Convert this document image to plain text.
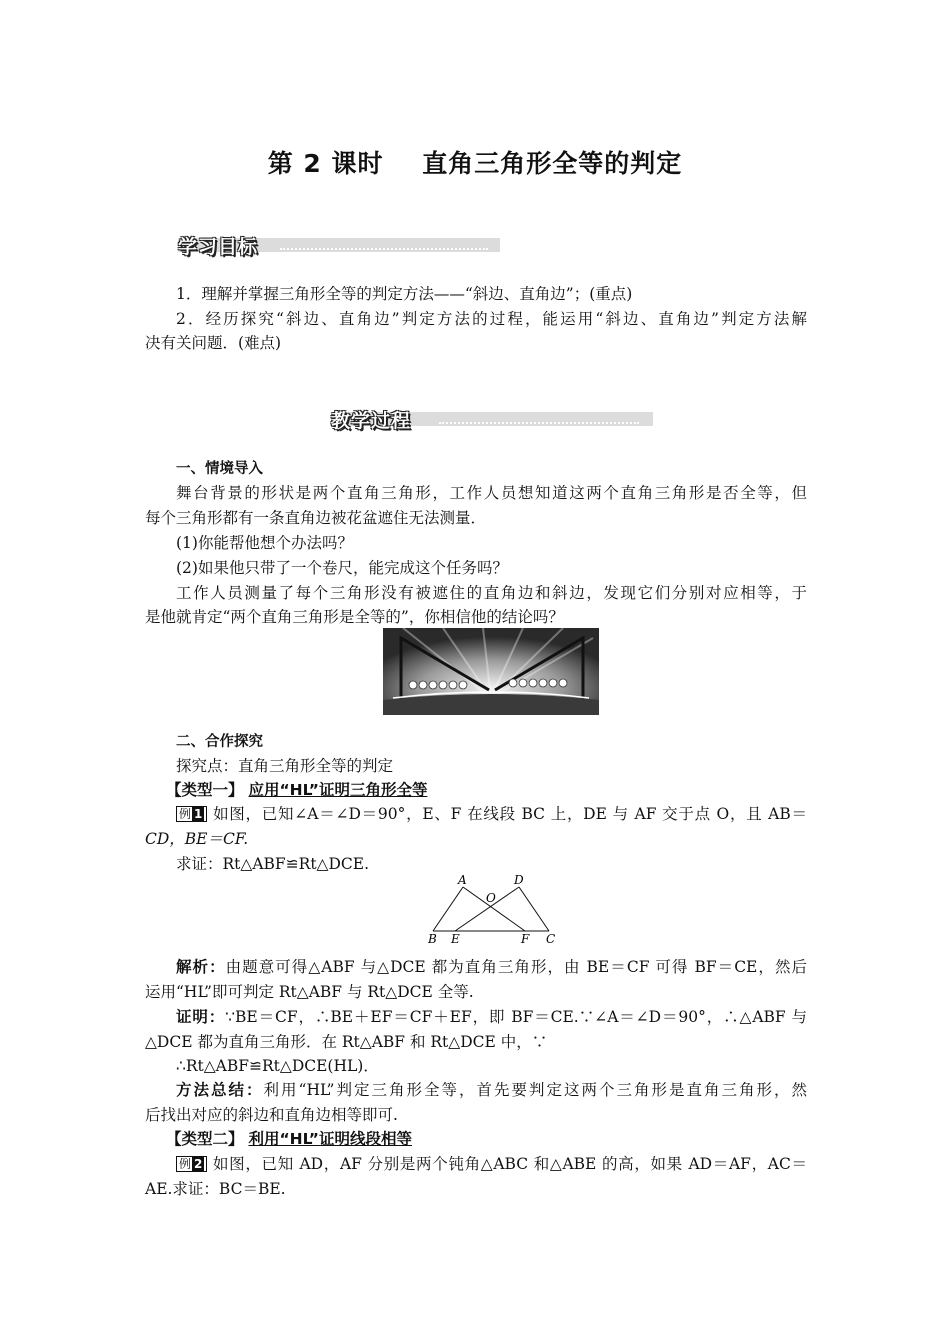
第 2 课时    直角三角形全等的判定
学习目标
1．理解并掌握三角形全等的判定方法——“斜边、直角边”；(重点)
2．经历探究“斜边、直角边”判定方法的过程，能运用“斜边、直角边”判定方法解
决有关问题．(难点)
教学过程
一、情境导入
舞台背景的形状是两个直角三角形，工作人员想知道这两个直角三角形是否全等，但
每个三角形都有一条直角边被花盆遮住无法测量．
(1)你能帮他想个办法吗？
(2)如果他只带了一个卷尺，能完成这个任务吗？
工作人员测量了每个三角形没有被遮住的直角边和斜边，发现它们分别对应相等，于
是他就肯定“两个直角三角形是全等的”，你相信他的结论吗？
二、合作探究
探究点：直角三角形全等的判定
【类型一】 应用“HL”证明三角形全等
例 1 如图，已知∠A＝∠D＝90°，E、F 在线段 BC 上，DE 与 AF 交于点 O，且 AB＝
CD，BE＝CF.
求证：Rt△ABF≌Rt△DCE.
A	D
O
B E	F C
解析：由题意可得△ABF 与△DCE 都为直角三角形，由 BE＝CF 可得 BF＝CE，然后
运用“HL”即可判定 Rt△ABF 与 Rt△DCE 全等.
证明：∵BE＝CF，∴BE＋EF＝CF＋EF，即 BF＝CE.∵∠A＝∠D＝90°，∴△ABF 与
△DCE 都为直角三角形．在 Rt△ABF 和 Rt△DCE 中，∵
∴Rt△ABF≌Rt△DCE(HL)．
方法总结：利用“HL”判定三角形全等，首先要判定这两个三角形是直角三角形，然
后找出对应的斜边和直角边相等即可.
【类型二】 利用“HL”证明线段相等
例 2 如图，已知 AD，AF 分别是两个钝角△ABC 和△ABE 的高，如果 AD＝AF，AC＝
AE.求证：BC＝BE.
